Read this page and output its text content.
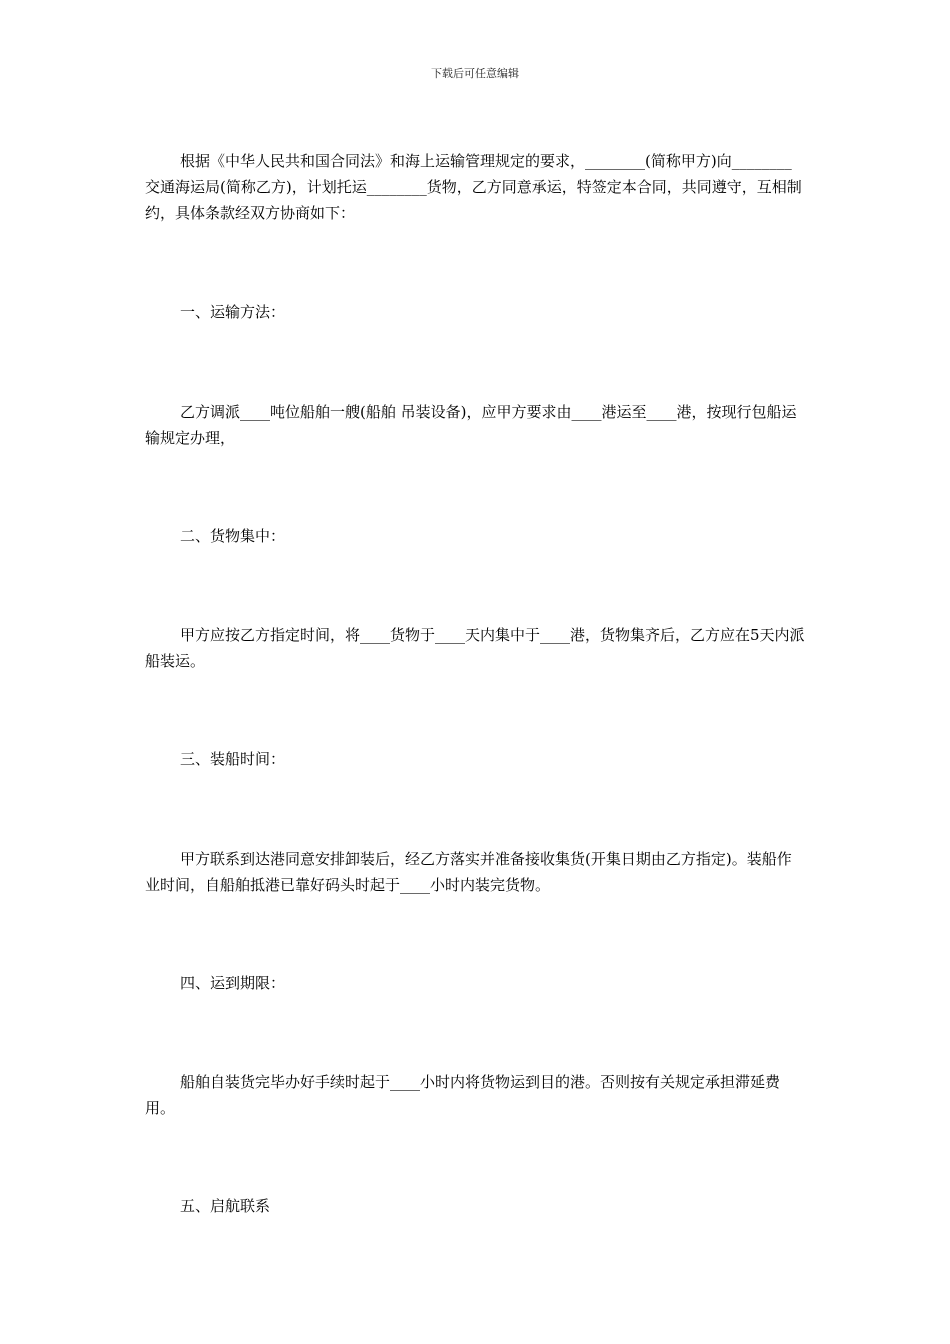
下载后可任意编辑

根据《中华人民共和国合同法》和海上运输管理规定的要求，________(简称甲方)向________交通海运局(简称乙方)，计划托运________货物，乙方同意承运，特签定本合同，共同遵守，互相制约，具体条款经双方协商如下：

一、运输方法：

乙方调派____吨位船舶一艘(船舶 吊装设备)，应甲方要求由____港运至____港，按现行包船运输规定办理，

二、货物集中：

甲方应按乙方指定时间，将____货物于____天内集中于____港，货物集齐后，乙方应在5天内派船装运。

三、装船时间：

甲方联系到达港同意安排卸装后，经乙方落实并准备接收集货(开集日期由乙方指定)。装船作业时间，自船舶抵港已靠好码头时起于____小时内装完货物。

四、运到期限：

船舶自装货完毕办好手续时起于____小时内将货物运到目的港。否则按有关规定承担滞延费用。

五、启航联系
